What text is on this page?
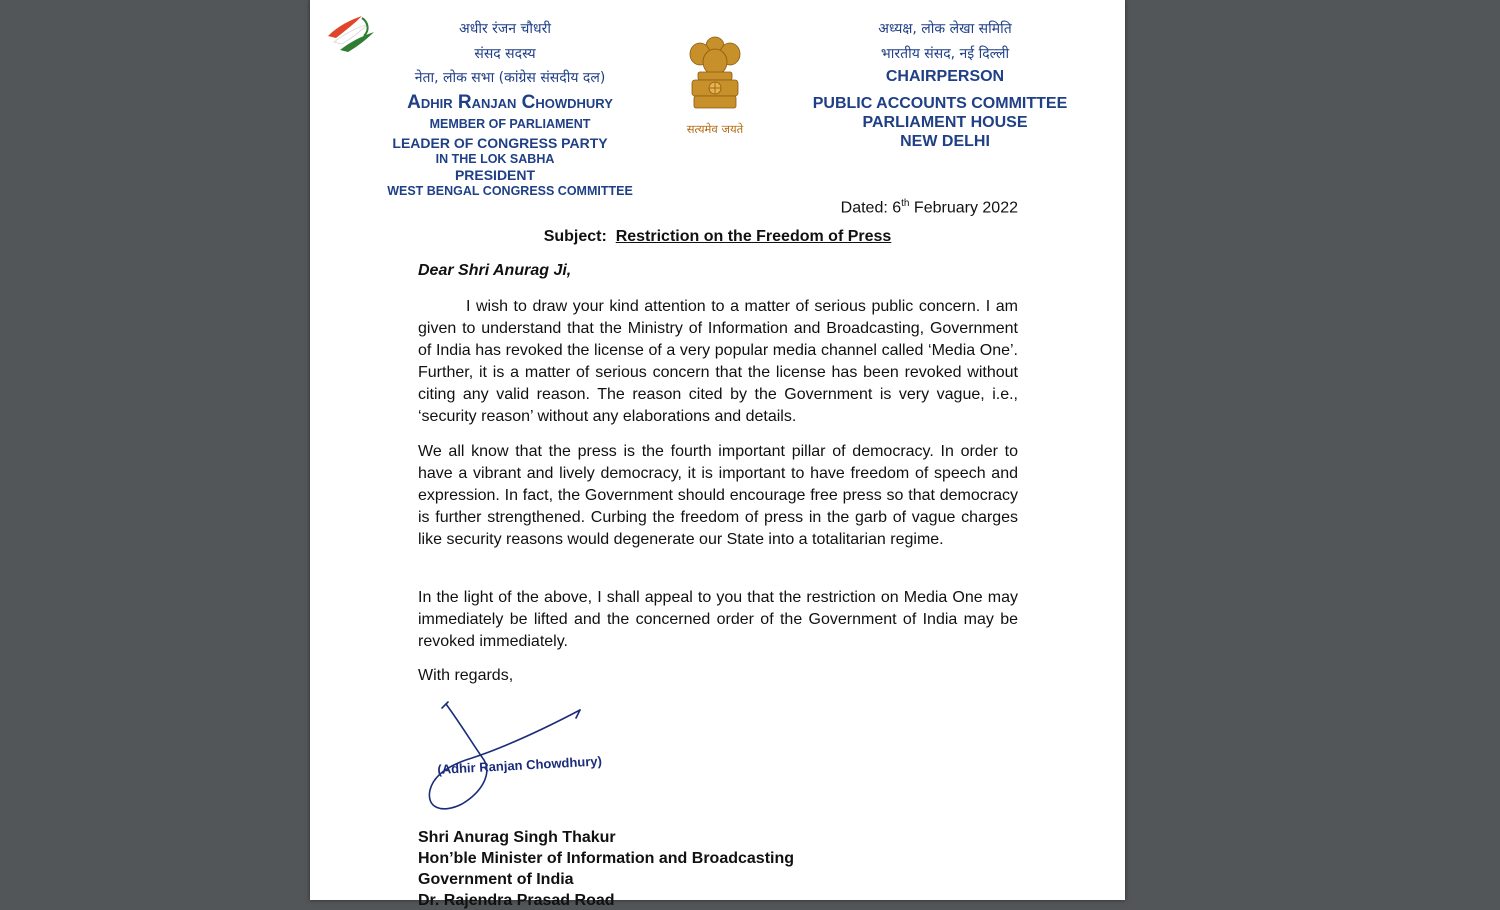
अधीर रंजन चौधरी
संसद सदस्य
नेता, लोक सभा (कांग्रेस संसदीय दल)
Adhir Ranjan Chowdhury
MEMBER OF PARLIAMENT
LEADER OF CONGRESS PARTY
IN THE LOK SABHA
PRESIDENT
WEST BENGAL CONGRESS COMMITTEE
सत्यमेव जयते
अध्यक्ष, लोक लेखा समिति
भारतीय संसद, नई दिल्ली
CHAIRPERSON
PUBLIC ACCOUNTS COMMITTEE
PARLIAMENT HOUSE
NEW DELHI
Dated: 6th February 2022
Subject: Restriction on the Freedom of Press
Dear Shri Anurag Ji,
I wish to draw your kind attention to a matter of serious public concern. I am given to understand that the Ministry of Information and Broadcasting, Government of India has revoked the license of a very popular media channel called ‘Media One’. Further, it is a matter of serious concern that the license has been revoked without citing any valid reason. The reason cited by the Government is very vague, i.e., ‘security reason’ without any elaborations and details.
We all know that the press is the fourth important pillar of democracy. In order to have a vibrant and lively democracy, it is important to have freedom of speech and expression. In fact, the Government should encourage free press so that democracy is further strengthened. Curbing the freedom of press in the garb of vague charges like security reasons would degenerate our State into a totalitarian regime.
In the light of the above, I shall appeal to you that the restriction on Media One may immediately be lifted and the concerned order of the Government of India may be revoked immediately.
With regards,
(Adhir Ranjan Chowdhury)
Shri Anurag Singh Thakur
Hon’ble Minister of Information and Broadcasting
Government of India
Dr. Rajendra Prasad Road
